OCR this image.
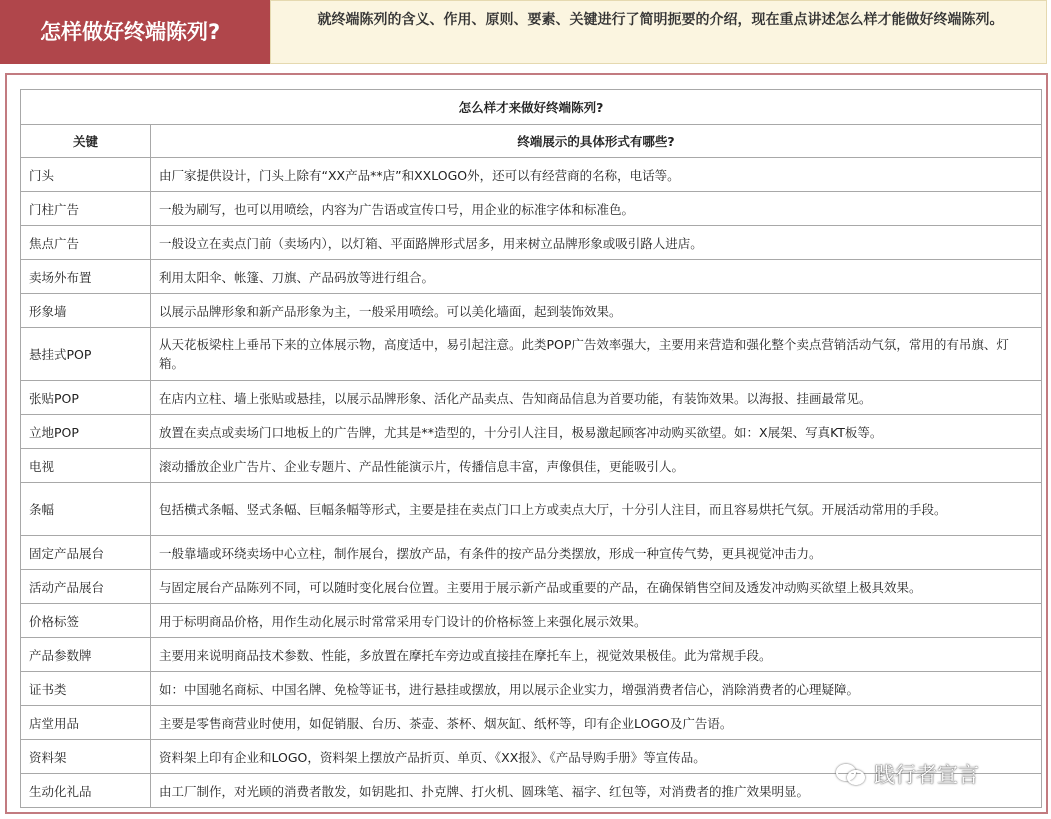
怎样做好终端陈列?	就终端陈列的含义、作用、原则、要素、关键进行了简明扼要的介绍，现在重点讲述怎么样才能做好终端陈列。
怎么样才来做好终端陈列?	
关键	终端展示的具体形式有哪些?
门头	由厂家提供设计，门头上除有“XX产品**店”和XXLOGO外，还可以有经营商的名称，电话等。
门柱广告	一般为刷写，也可以用喷绘，内容为广告语或宣传口号，用企业的标准字体和标准色。
焦点广告	一般设立在卖点门前（卖场内），以灯箱、平面路牌形式居多，用来树立品牌形象或吸引路人进店。
卖场外布置	利用太阳伞、帐篷、刀旗、产品码放等进行组合。
形象墙	以展示品牌形象和新产品形象为主，一般采用喷绘。可以美化墙面，起到装饰效果。
悬挂式POP	从天花板梁柱上垂吊下来的立体展示物，高度适中，易引起注意。此类POP广告效率强大，主要用来营造和强化整个卖点营销活动气氛，常用的有吊旗、灯箱。
张贴POP	在店内立柱、墙上张贴或悬挂，以展示品牌形象、活化产品卖点、告知商品信息为首要功能，有装饰效果。以海报、挂画最常见。
立地POP	放置在卖点或卖场门口地板上的广告牌，尤其是**造型的，十分引人注目，极易激起顾客冲动购买欲望。如：X展架、写真KT板等。
电视	滚动播放企业广告片、企业专题片、产品性能演示片，传播信息丰富，声像俱佳，更能吸引人。
条幅	包括横式条幅、竖式条幅、巨幅条幅等形式，主要是挂在卖点门口上方或卖点大厅，十分引人注目，而且容易烘托气氛。开展活动常用的手段。
固定产品展台	一般靠墙或环绕卖场中心立柱，制作展台，摆放产品，有条件的按产品分类摆放，形成一种宣传气势，更具视觉冲击力。
活动产品展台	与固定展台产品陈列不同，可以随时变化展台位置。主要用于展示新产品或重要的产品，在确保销售空间及透发冲动购买欲望上极具效果。
价格标签	用于标明商品价格，用作生动化展示时常常采用专门设计的价格标签上来强化展示效果。
产品参数牌	主要用来说明商品技术参数、性能，多放置在摩托车旁边或直接挂在摩托车上，视觉效果极佳。此为常规手段。
证书类	如：中国驰名商标、中国名牌、免检等证书，进行悬挂或摆放，用以展示企业实力，增强消费者信心，消除消费者的心理疑障。
店堂用品	主要是零售商营业时使用，如促销服、台历、茶壶、茶杯、烟灰缸、纸杯等，印有企业LOGO及广告语。
资料架	资料架上印有企业和LOGO，资料架上摆放产品折页、单页、《XX报》、《产品导购手册》等宣传品。
生动化礼品	由工厂制作，对光顾的消费者散发，如钥匙扣、扑克牌、打火机、圆珠笔、福字、红包等，对消费者的推广效果明显。
践行者宣言
